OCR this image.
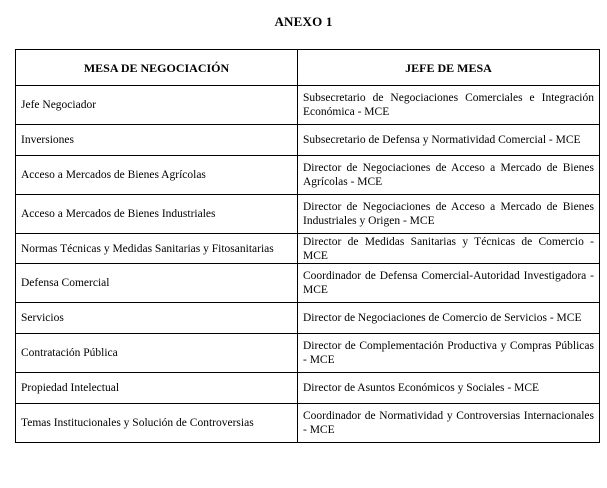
ANEXO 1
MESA DE NEGOCIACIÓN	JEFE DE MESA
Jefe Negociador	Subsecretario de Negociaciones Comerciales e Integración Económica - MCE
Inversiones	Subsecretario de Defensa y Normatividad Comercial - MCE
Acceso a Mercados de Bienes Agrícolas	Director de Negociaciones de Acceso a Mercado de Bienes Agrícolas - MCE
Acceso a Mercados de Bienes Industriales	Director de Negociaciones de Acceso a Mercado de Bienes Industriales y Origen - MCE
Normas Técnicas y Medidas Sanitarias y Fitosanitarias	Director de Medidas Sanitarias y Técnicas de Comercio - MCE
Defensa Comercial	Coordinador de Defensa Comercial-Autoridad Investigadora - MCE
Servicios	Director de Negociaciones de Comercio de Servicios - MCE
Contratación Pública	Director de Complementación Productiva y Compras Públicas - MCE
Propiedad Intelectual	Director de Asuntos Económicos y Sociales - MCE
Temas Institucionales y Solución de Controversias	Coordinador de Normatividad y Controversias Internacionales - MCE
